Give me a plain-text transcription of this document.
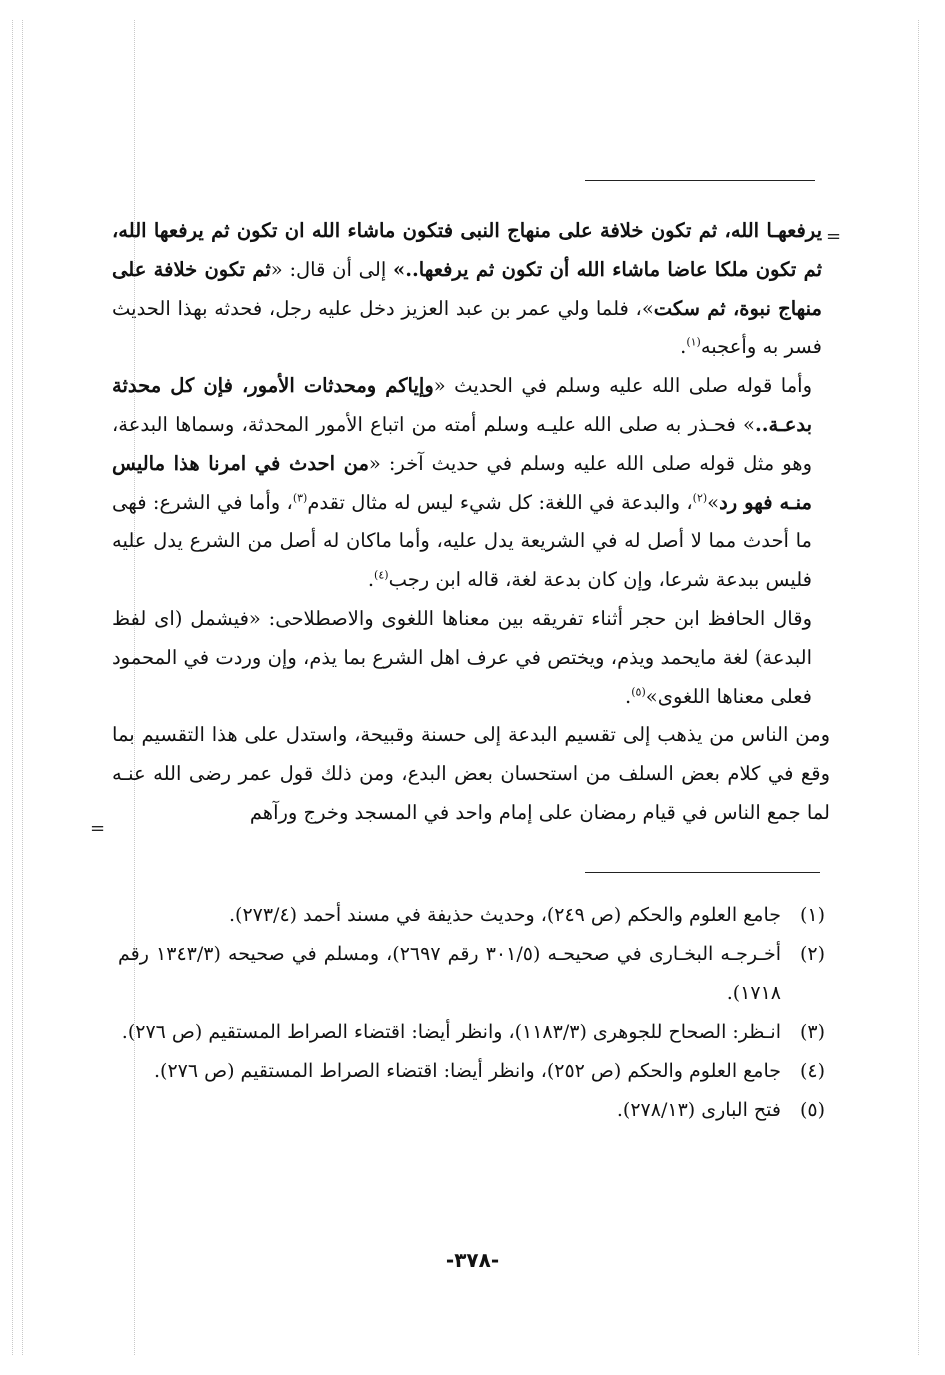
=

يرفعهـا الله، ثم تكون خلافة على منهاج النبى فتكون ماشاء الله ان تكون ثم يرفعها الله، ثم تكون ملكا عاضا ماشاء الله أن تكون ثم يرفعها..» إلى أن قال: «ثم تكون خلافة على منهاج نبوة، ثم سكت»، فلما ولي عمر بن عبد العزيز دخل عليه رجل، فحدثه بهذا الحديث فسر به وأعجبه$^{(١)}$.

وأما قوله صلى الله عليه وسلم في الحديث «وإياكم ومحدثات الأمور، فإن كل محدثة بدعـة..» فحـذر به صلى الله عليـه وسلم أمته من اتباع الأمور المحدثة، وسماها البدعة، وهو مثل قوله صلى الله عليه وسلم في حديث آخر: «من احدث في امرنا هذا ماليس منـه فهو رد»$^{(٢)}$، والبدعة في اللغة: كل شيء ليس له مثال تقدم$^{(٣)}$، وأما في الشرع: فهى ما أحدث مما لا أصل له في الشريعة يدل عليه، وأما ماكان له أصل من الشرع يدل عليه فليس ببدعة شرعا، وإن كان بدعة لغة، قاله ابن رجب$^{(٤)}$.

وقال الحافظ ابن حجر أثناء تفريقه بين معناها اللغوى والاصطلاحى: «فيشمل (اى لفظ البدعة) لغة مايحمد ويذم، ويختص في عرف اهل الشرع بما يذم، وإن وردت في المحمود فعلى معناها اللغوى»$^{(٥)}$.

ومن الناس من يذهب إلى تقسيم البدعة إلى حسنة وقبيحة، واستدل على هذا التقسيم بما وقع في كلام بعض السلف من استحسان بعض البدع، ومن ذلك قول عمر رضى الله عنـه لما جمع الناس في قيام رمضان على إمام واحد في المسجد وخرج ورآهم

=
(١)
جامع العلوم والحكم (ص ٢٤٩)، وحديث حذيفة في مسند أحمد (٢٧٣/٤).
(٢)
أخـرجـه البخـارى في صحيحـه (٣٠١/٥ رقم ٢٦٩٧)، ومسلم في صحيحه (١٣٤٣/٣ رقم ١٧١٨).
(٣)
انـظر: الصحاح للجوهرى (١١٨٣/٣)، وانظر أيضا: اقتضاء الصراط المستقيم (ص ٢٧٦).
(٤)
جامع العلوم والحكم (ص ٢٥٢)، وانظر أيضا: اقتضاء الصراط المستقيم (ص ٢٧٦).
(٥)
فتح البارى (٢٧٨/١٣).
-٣٧٨-
